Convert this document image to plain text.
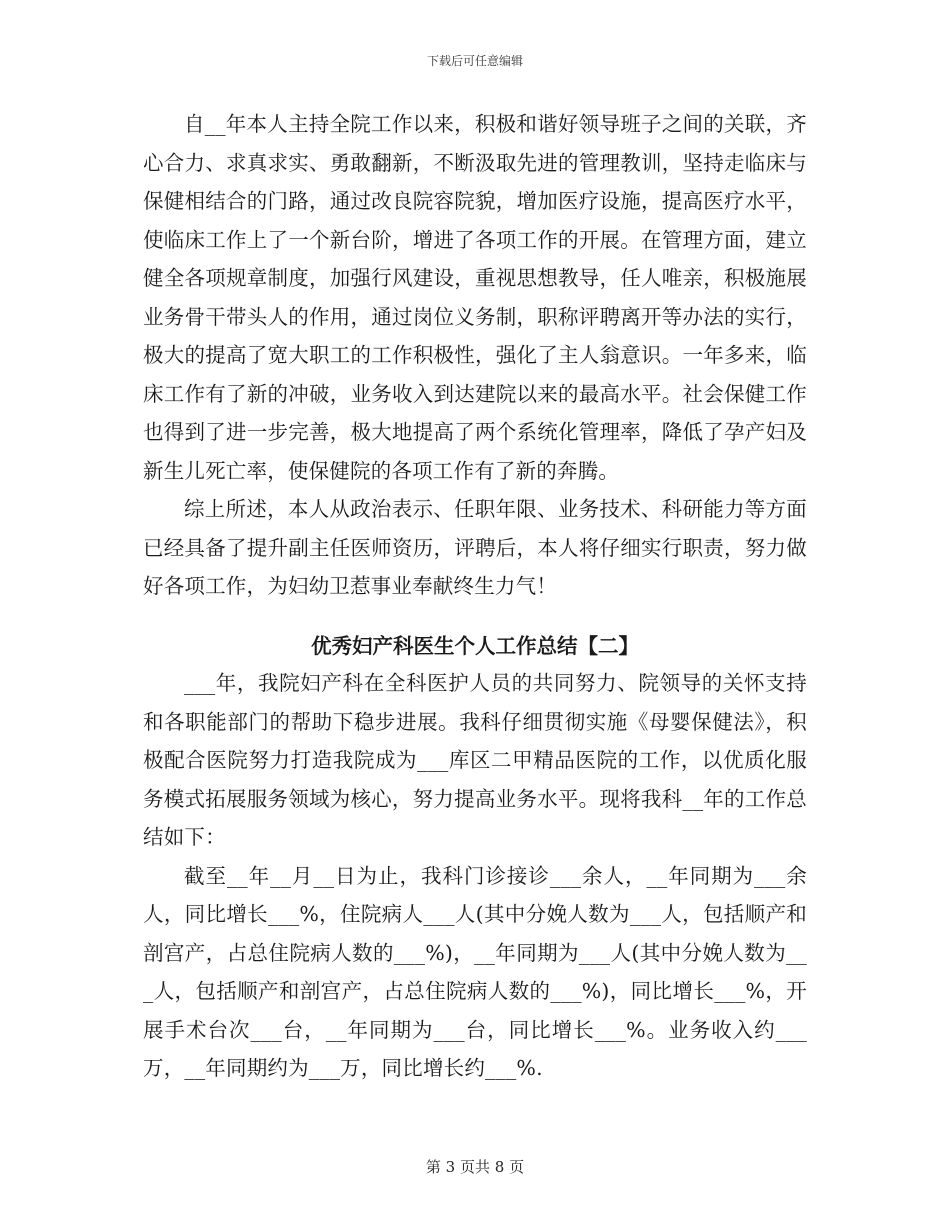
下载后可任意编辑

自__年本人主持全院工作以来，积极和谐好领导班子之间的关联，齐心合力、求真求实、勇敢翻新，不断汲取先进的管理教训，坚持走临床与保健相结合的门路，通过改良院容院貌，增加医疗设施，提高医疗水平，使临床工作上了一个新台阶，增进了各项工作的开展。在管理方面，建立健全各项规章制度，加强行风建设，重视思想教导，任人唯亲，积极施展业务骨干带头人的作用，通过岗位义务制，职称评聘离开等办法的实行，极大的提高了宽大职工的工作积极性，强化了主人翁意识。一年多来，临床工作有了新的冲破，业务收入到达建院以来的最高水平。社会保健工作也得到了进一步完善，极大地提高了两个系统化管理率，降低了孕产妇及新生儿死亡率，使保健院的各项工作有了新的奔腾。

综上所述，本人从政治表示、任职年限、业务技术、科研能力等方面已经具备了提升副主任医师资历，评聘后，本人将仔细实行职责，努力做好各项工作，为妇幼卫惹事业奉献终生力气！

优秀妇产科医生个人工作总结【二】

___年，我院妇产科在全科医护人员的共同努力、院领导的关怀支持和各职能部门的帮助下稳步进展。我科仔细贯彻实施《母婴保健法》，积极配合医院努力打造我院成为___库区二甲精品医院的工作，以优质化服务模式拓展服务领域为核心，努力提高业务水平。现将我科__年的工作总结如下：

截至__年__月__日为止，我科门诊接诊___余人，__年同期为___余人，同比增长___%，住院病人___人(其中分娩人数为___人，包括顺产和剖宫产，占总住院病人数的___%)，__年同期为___人(其中分娩人数为___人，包括顺产和剖宫产，占总住院病人数的___%)，同比增长___%，开展手术台次___台，__年同期为___台，同比增长___%。业务收入约___万，__年同期约为___万，同比增长约___%.

第 3 页共 8 页
